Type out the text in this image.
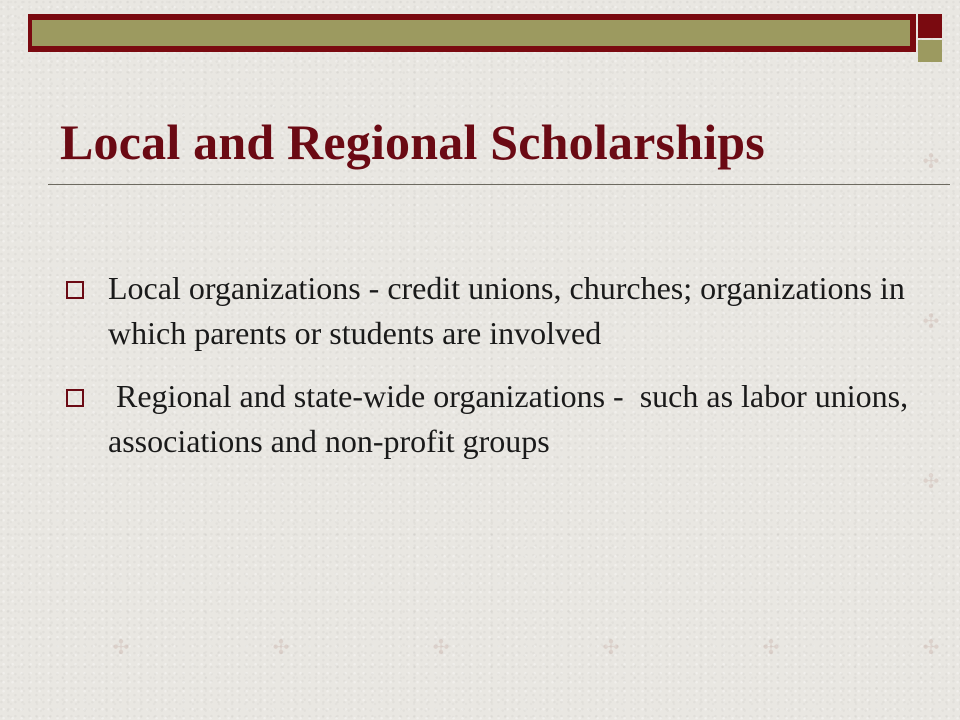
✣	✣	✣	✣	✣	✣
✣
✣
✣
Local and Regional Scholarships
Local organizations - credit unions, churches; organizations in which parents or students are involved
Regional and state-wide organizations -  such as labor unions, associations and non-profit groups
